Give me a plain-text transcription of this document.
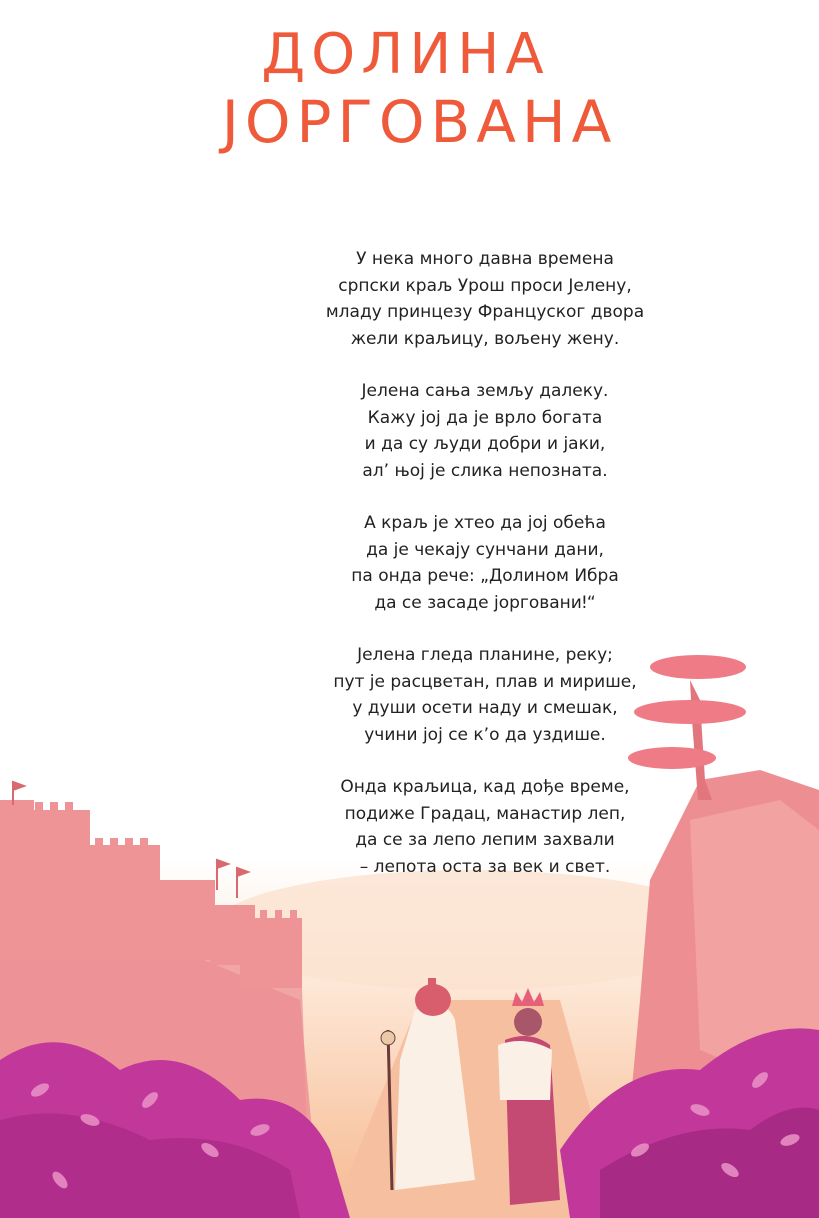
ДОЛИНА
ЈОРГОВАНА

У нека много давна времена
српски краљ Урош проси Јелену,
младу принцезу Француског двора
жели краљицу, вољену жену.

Јелена сања земљу далеку.
Кажу јој да је врло богата
и да су људи добри и јаки,
ал’ њој је слика непозната.

А краљ је хтео да јој обећа
да је чекају сунчани дани,
па онда рече: „Долином Ибра
да се засаде јоргованиǃ“

Јелена гледа планине, реку;
пут је расцветан, плав и мирише,
у души осети наду и смешак,
учини јој се к’о да уздише.

Онда краљица, кад дође време,
подиже Градац, манастир леп,
да се за лепо лепим захвали
– лепота оста за век и свет.
